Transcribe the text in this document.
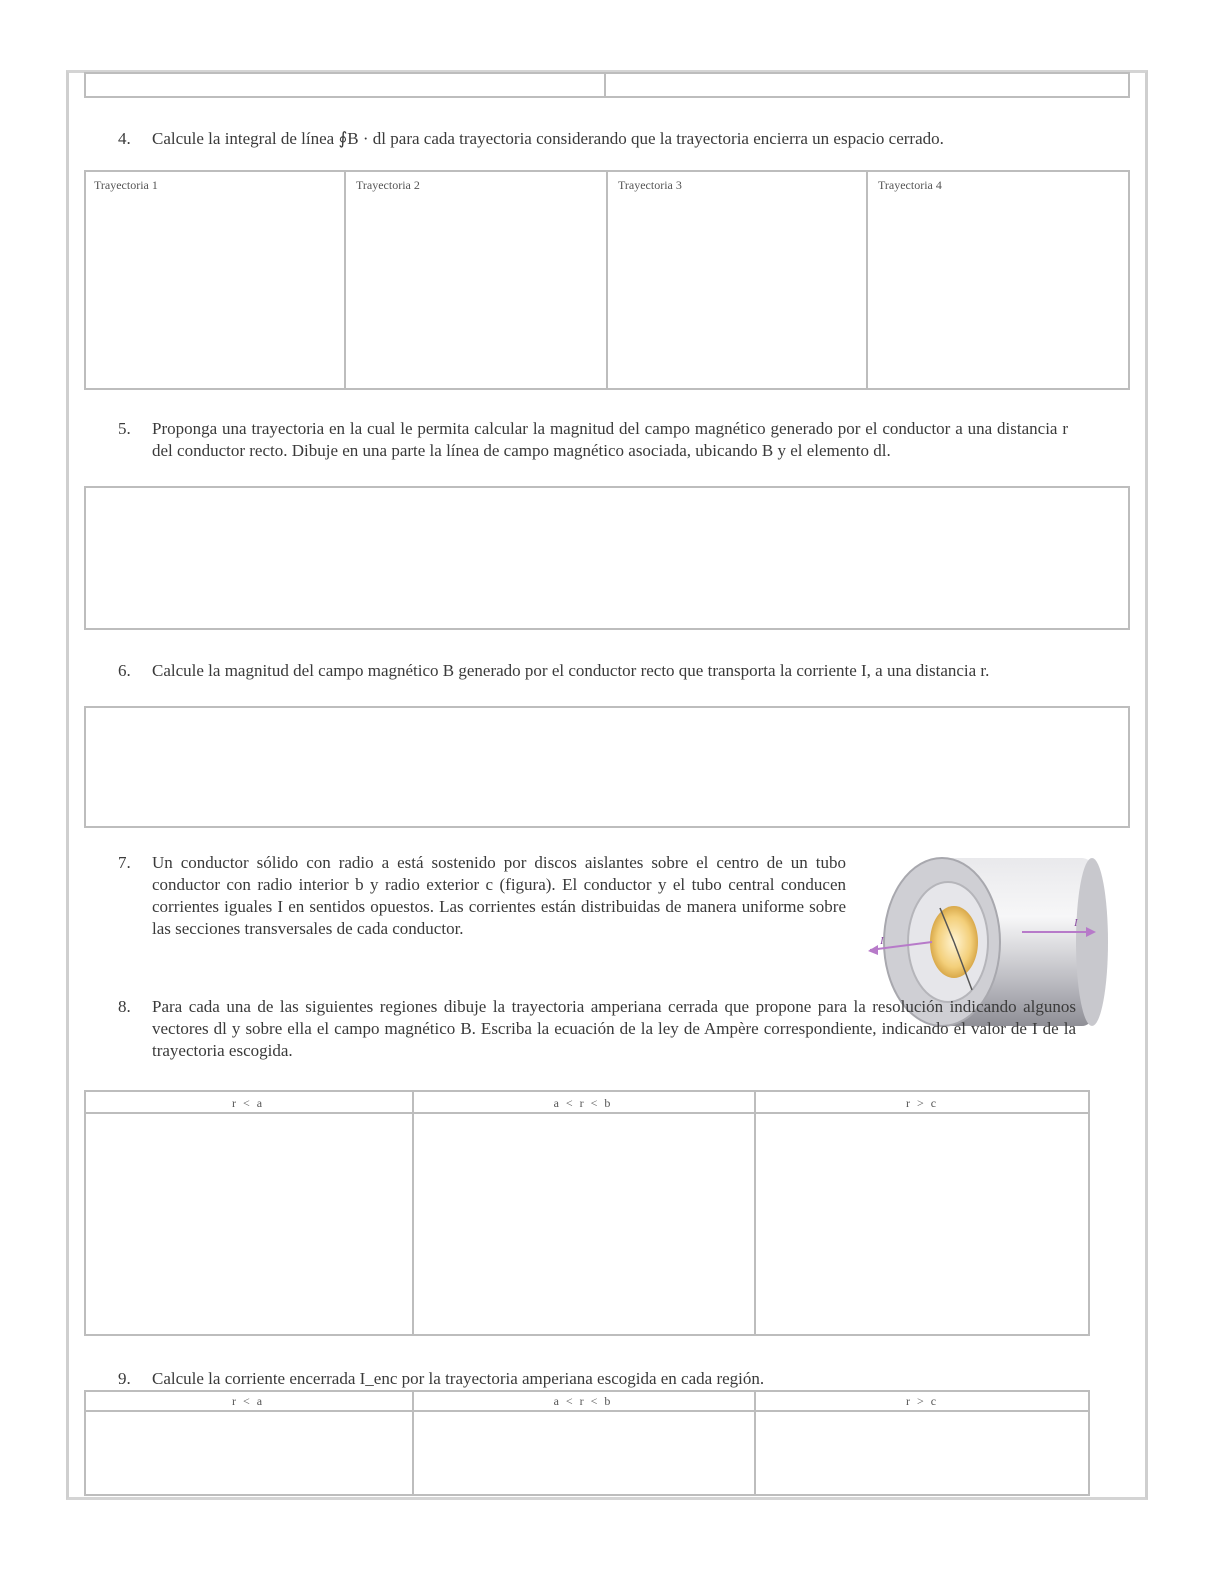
4.	Calcule la integral de línea ∮B · dl para cada trayectoria considerando que la trayectoria encierra un espacio cerrado.
Trayectoria 1	Trayectoria 2	Trayectoria 3	Trayectoria 4
5.	Proponga una trayectoria en la cual le permita calcular la magnitud del campo magnético generado por el conductor a una distancia r del conductor recto. Dibuje en una parte la línea de campo magnético asociada, ubicando B y el elemento dl.
6.	Calcule la magnitud del campo magnético B generado por el conductor recto que transporta la corriente I, a una distancia r.
7.	Un conductor sólido con radio a está sostenido por discos aislantes sobre el centro de un tubo conductor con radio interior b y radio exterior c (figura). El conductor y el tubo central conducen corrientes iguales I en sentidos opuestos. Las corrientes están distribuidas de manera uniforme sobre las secciones transversales de cada conductor.
I
I
8.	Para cada una de las siguientes regiones dibuje la trayectoria amperiana cerrada que propone para la resolución indicando algunos vectores dl y sobre ella el campo magnético B. Escriba la ecuación de la ley de Ampère correspondiente, indicando el valor de I de la trayectoria escogida.
r < a	a < r < b	r > c
9.	Calcule la corriente encerrada I_enc por la trayectoria amperiana escogida en cada región.
r < a	a < r < b	r > c
